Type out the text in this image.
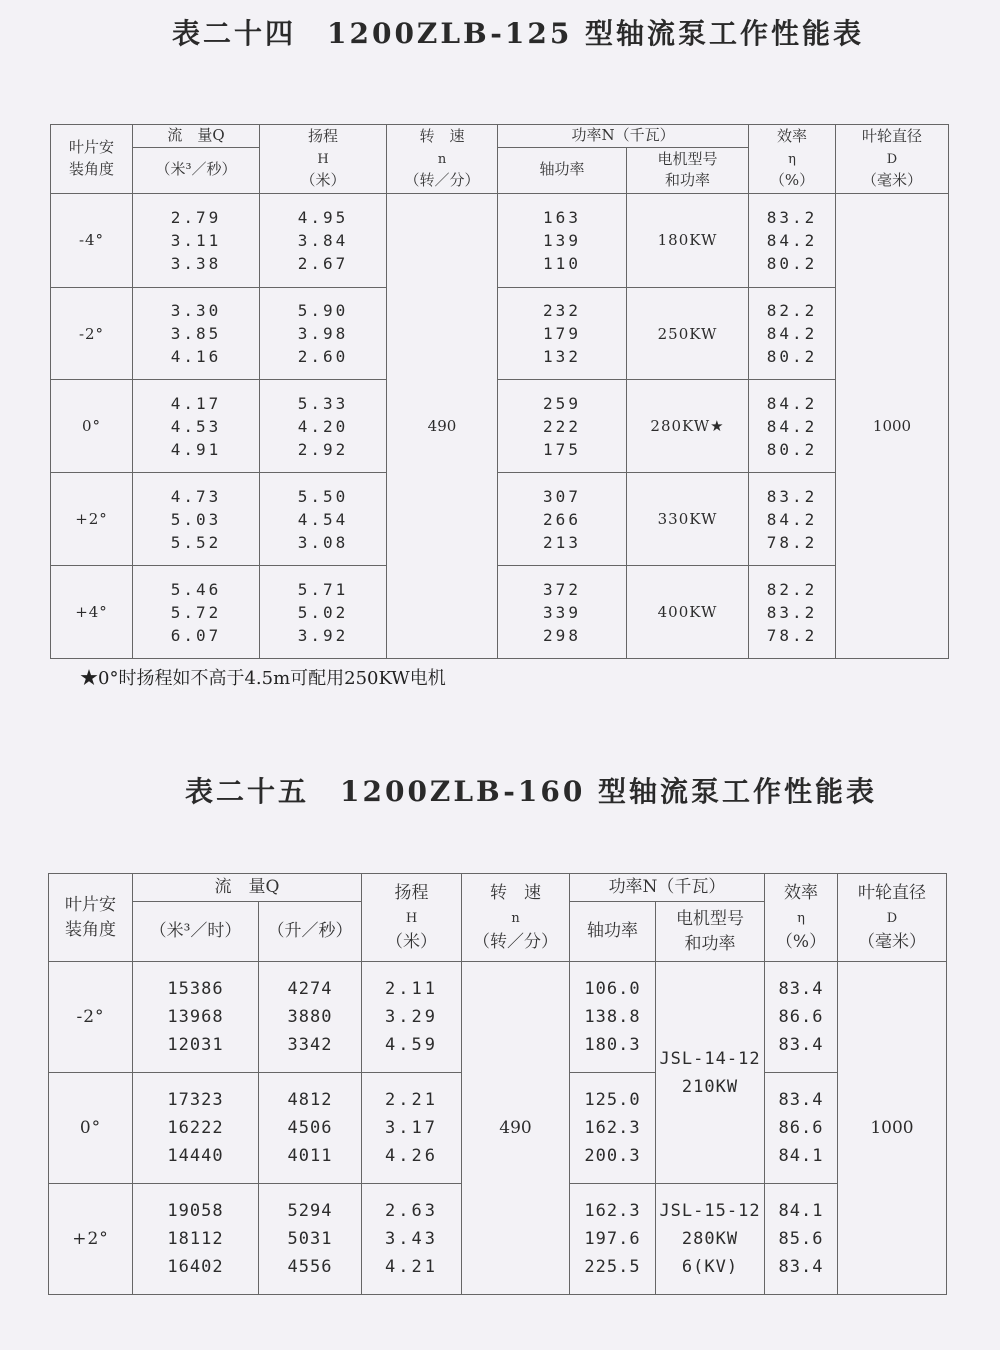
表二十四　1200ZLB-125 型轴流泵工作性能表
叶片安
装角度	流　量Q	扬程
H
（米）	转　速
n
（转／分）	功率N（千瓦）		效率
η
（%）	叶轮直径
D
（毫米）
	（米³／秒）			轴功率	电机型号
和功率		
-4°	2.79
3.11
3.38	4.95
3.84
2.67	490	163
139
110	180KW	83.2
84.2
80.2	1000
-2°	3.30
3.85
4.16	5.90
3.98
2.60		232
179
132	250KW	82.2
84.2
80.2	

0°	4.17
4.53
4.91	5.33
4.20
2.92		259
222
175	280KW★	84.2
84.2
80.2	

+2°	4.73
5.03
5.52	5.50
4.54
3.08		307
266
213	330KW	83.2
84.2
78.2	

+4°	5.46
5.72
6.07	5.71
5.02
3.92		372
339
298	400KW	82.2
83.2
78.2	

★0°时扬程如不高于4.5m可配用250KW电机

表二十五　1200ZLB-160 型轴流泵工作性能表
叶片安
装角度	流　量Q		扬程
H
（米）	转　速
n
（转／分）	功率N（千瓦）		效率
η
（%）	叶轮直径
D
（毫米）
	（米³／时）	（升／秒）			轴功率	电机型号
和功率		
-2°	15386
13968
12031	4274
3880
3342	2.11
3.29
4.59	490	106.0
138.8
180.3	JSL-14-12
210KW	83.4
86.6
83.4	1000
0°	17323
16222
14440	4812
4506
4011	2.21
3.17
4.26		125.0
162.3
200.3		83.4
86.6
84.1	

+2°	19058
18112
16402	5294
5031
4556	2.63
3.43
4.21		162.3
197.6
225.5	JSL-15-12
280KW
6(KV)	84.1
85.6
83.4	
